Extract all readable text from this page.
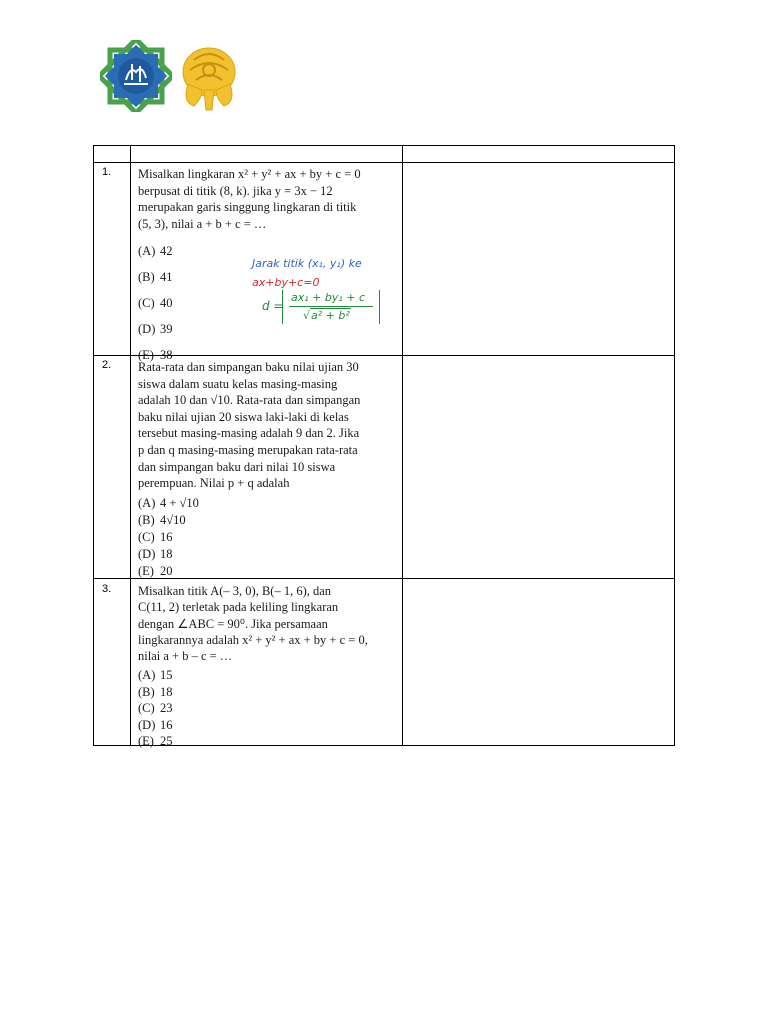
1. Misalkan lingkaran x² + y² + ax + by + c = 0

berpusat di titik (8, k). jika y = 3x − 12

merupakan garis singgung lingkaran di titik

(5, 3), nilai a + b + c = …

(A) 42
(B) 41
(C) 40
(D) 39
(E) 38
Jarak titik (x₁, y₁) ke
ax+by+c=0
d =
ax₁ + by₁ + c
√a² + b²
2. Rata-rata dan simpangan baku nilai ujian 30

siswa dalam suatu kelas masing-masing

adalah 10 dan √10. Rata-rata dan simpangan

baku nilai ujian 20 siswa laki-laki di kelas

tersebut masing-masing adalah 9 dan 2. Jika

p dan q masing-masing merupakan rata-rata

dan simpangan baku dari nilai 10 siswa

perempuan. Nilai p + q adalah

(A) 4 + √10
(B) 4√10
(C) 16
(D) 18
(E) 20
3. Misalkan titik A(– 3, 0), B(– 1, 6), dan

C(11, 2) terletak pada keliling lingkaran

dengan ∠ABC = 90⁰. Jika persamaan

lingkarannya adalah x² + y² + ax + by + c = 0,

nilai a + b – c = …

(A) 15
(B) 18
(C) 23
(D) 16
(E) 25
